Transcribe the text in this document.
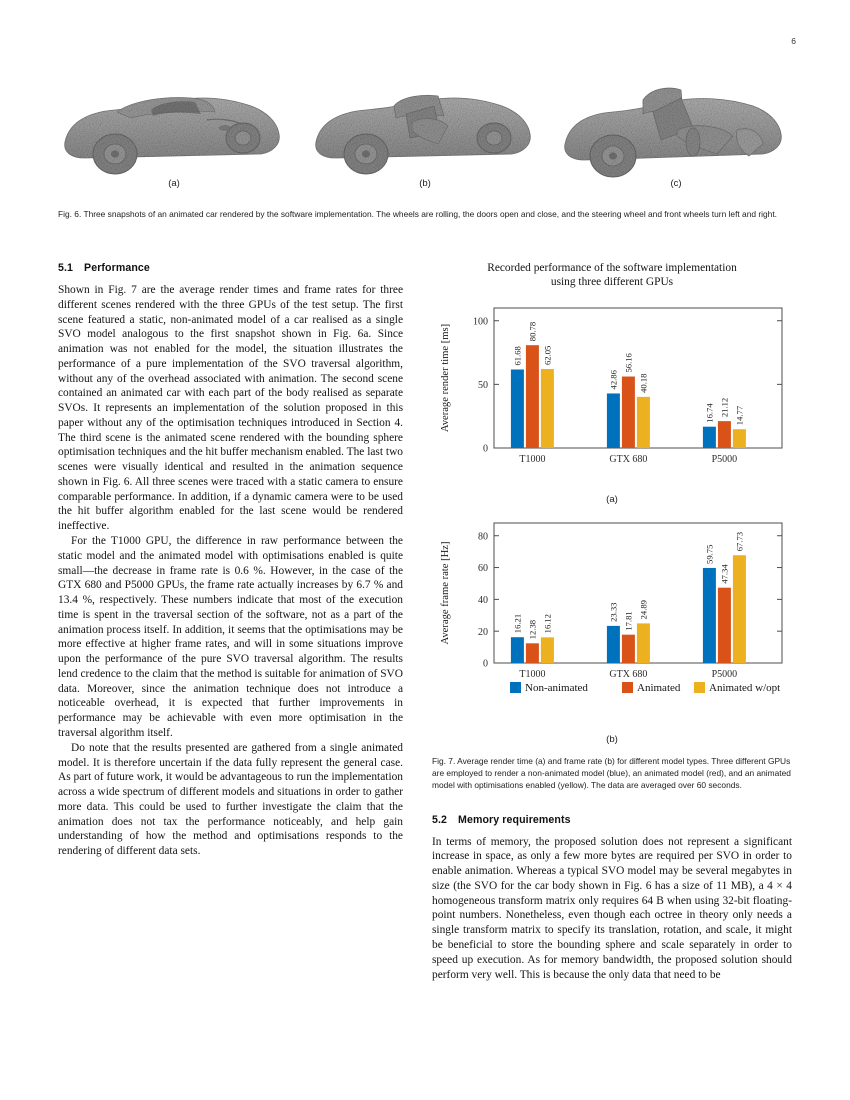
6
(a)	(b)	(c)
Fig. 6. Three snapshots of an animated car rendered by the software implementation. The wheels are rolling, the doors open and close, and the steering wheel and front wheels turn left and right.
5.1 Performance

Shown in Fig. 7 are the average render times and frame rates for three different scenes rendered with the three GPUs of the test setup. The first scene featured a static, non-animated model of a car realised as a single SVO model analogous to the first snapshot shown in Fig. 6a. Since animation was not enabled for the model, the situation illustrates the performance of a pure implementation of the SVO traversal algorithm, without any of the overhead associated with animation. The second scene contained an animated car with each part of the body realised as separate SVOs. It represents an implementation of the solution proposed in this paper without any of the optimisation techniques introduced in Section 4. The third scene is the animated scene rendered with the bounding sphere optimisation techniques and the hit buffer mechanism enabled. The last two scenes were visually identical and resulted in the animation sequence shown in Fig. 6. All three scenes were traced with a static camera to ensure comparable performance. In addition, if a dynamic camera were to be used the hit buffer algorithm enabled for the last scene would be rendered ineffective.

For the T1000 GPU, the difference in raw performance between the static model and the animated model with optimisations enabled is quite small—the decrease in frame rate is 0.6 %. However, in the case of the GTX 680 and P5000 GPUs, the frame rate actually increases by 6.7 % and 13.4 %, respectively. These numbers indicate that most of the execution time is spent in the traversal section of the software, not as a part of the animation process itself. In addition, it seems that the optimisations may be more effective at higher frame rates, and will in some situations improve upon the performance of the pure SVO traversal algorithm. The results lend credence to the claim that the method is suitable for animation of SVO data. Moreover, since the animation technique does not introduce a noticeable overhead, it is expected that further improvements in performance may be achievable with even more optimisation in the traversal algorithm itself.

Do note that the results presented are gathered from a single animated model. It is therefore uncertain if the data fully represent the general case. As part of future work, it would be advantageous to run the implementation across a wide spectrum of different models and situations in order to gather more data. This could be used to further investigate the claim that the animation does not tax the performance noticeably, and help gain understanding of how the method and optimisations responds to the rendering of different data sets.

Recorded performance of the software implementation
using three different GPUs
0
50
100
Average render time [ms]
T1000
61.68
80.78
62.05
GTX 680
42.86
56.16
40.18
P5000
16.74 21.12 14.77
(a)
0
20
40
60
80
Average frame rate [Hz]
T1000
16.21 12.38 16.12
GTX 680
23.33 17.81
24.89
P5000
59.75
47.34
67.73
Non-animated	Animated	Animated w/opt
(b)
Fig. 7. Average render time (a) and frame rate (b) for different model types. Three different GPUs are employed to render a non-animated model (blue), an animated model (red), and an animated model with optimisations enabled (yellow). The data are averaged over 60 seconds.
5.2 Memory requirements

In terms of memory, the proposed solution does not represent a significant increase in space, as only a few more bytes are required per SVO in order to enable animation. Whereas a typical SVO model may be several megabytes in size (the SVO for the car body shown in Fig. 6 has a size of 11 MB), a 4 × 4 homogeneous transform matrix only requires 64 B when using 32-bit floating-point numbers. Nonetheless, even though each octree in theory only needs a single transform matrix to specify its translation, rotation, and scale, it might be beneficial to store the bounding sphere and scale separately in order to speed up execution. As for memory bandwidth, the proposed solution should perform very well. This is because the only data that need to be
